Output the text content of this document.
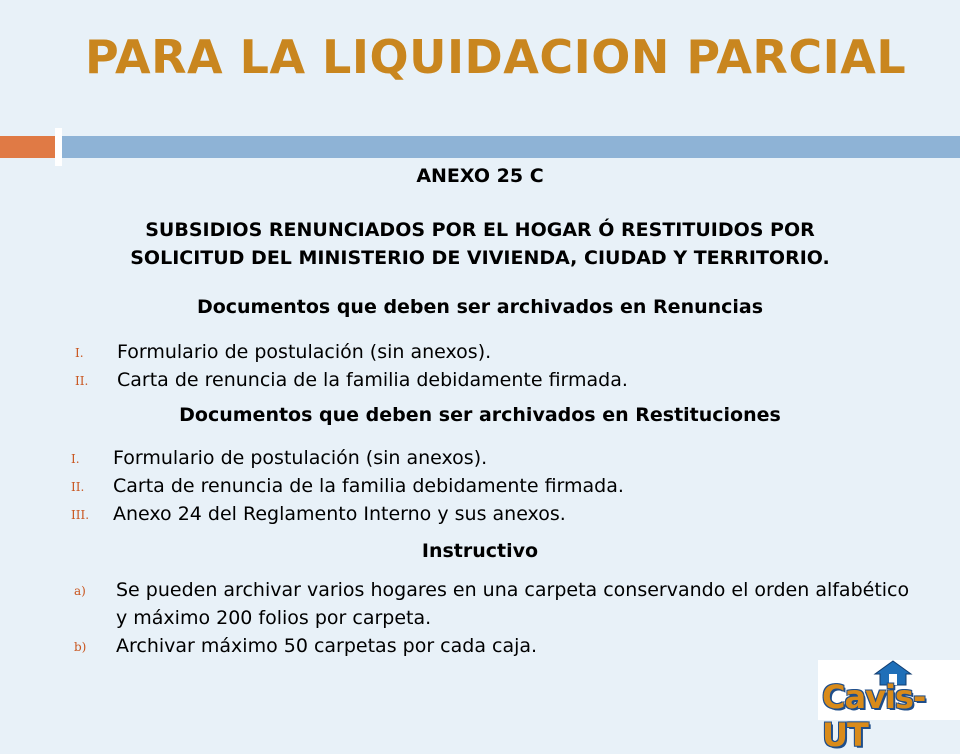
PARA LA LIQUIDACION PARCIAL

ANEXO 25 C

SUBSIDIOS RENUNCIADOS POR EL HOGAR Ó RESTITUIDOS POR
SOLICITUD DEL MINISTERIO DE VIVIENDA, CIUDAD Y TERRITORIO.

Documentos que deben ser archivados en Renuncias

I. Formulario de postulación (sin anexos).
II. Carta de renuncia de la familia debidamente firmada.

Documentos que deben ser archivados en Restituciones

I. Formulario de postulación (sin anexos).
II. Carta de renuncia de la familia debidamente firmada.
III. Anexo 24 del Reglamento Interno y sus anexos.

Instructivo

a) Se pueden archivar varios hogares en una carpeta conservando el orden alfabético y máximo 200 folios por carpeta.
b) Archivar máximo 50 carpetas por cada caja.
Cavis-UT
